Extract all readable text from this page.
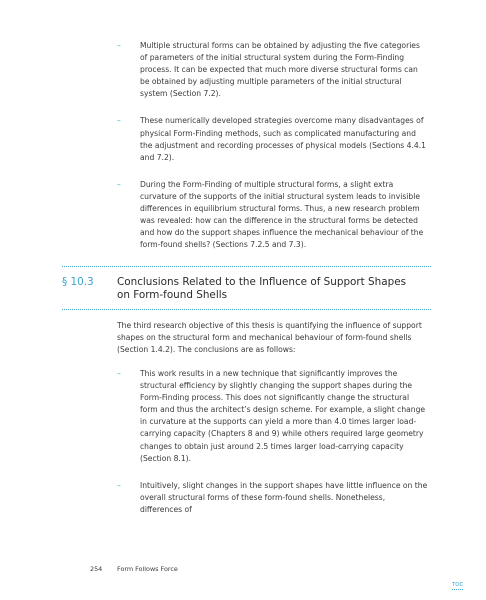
–	Multiple structural forms can be obtained by adjusting the five categories of parameters of the initial structural system during the Form-Finding process. It can be expected that much more diverse structural forms can be obtained by adjusting multiple parameters of the initial structural system (Section 7.2).
–	These numerically developed strategies overcome many disadvantages of physical Form-Finding methods, such as complicated manufacturing and the adjustment and recording processes of physical models (Sections 4.4.1 and 7.2).
–	During the Form-Finding of multiple structural forms, a slight extra curvature of the supports of the initial structural system leads to invisible differences in equilibrium structural forms. Thus, a new research problem was revealed: how can the difference in the structural forms be detected and how do the support shapes influence the mechanical behaviour of the form-found shells? (Sections 7.2.5 and 7.3).
§ 10.3 Conclusions Related to the Influence of Support Shapes on Form-found Shells

The third research objective of this thesis is quantifying the influence of support shapes on the structural form and mechanical behaviour of form-found shells (Section 1.4.2). The conclusions are as follows:

–	This work results in a new technique that significantly improves the structural efficiency by slightly changing the support shapes during the Form-Finding process. This does not significantly change the structural form and thus the architect’s design scheme. For example, a slight change in curvature at the supports can yield a more than 4.0 times larger load-carrying capacity (Chapters 8 and 9) while others required large geometry changes to obtain just around 2.5 times larger load-carrying capacity (Section 8.1).
–	Intuitively, slight changes in the support shapes have little influence on the overall structural forms of these form-found shells. Nonetheless, differences of
254 Form Follows Force
TOC
